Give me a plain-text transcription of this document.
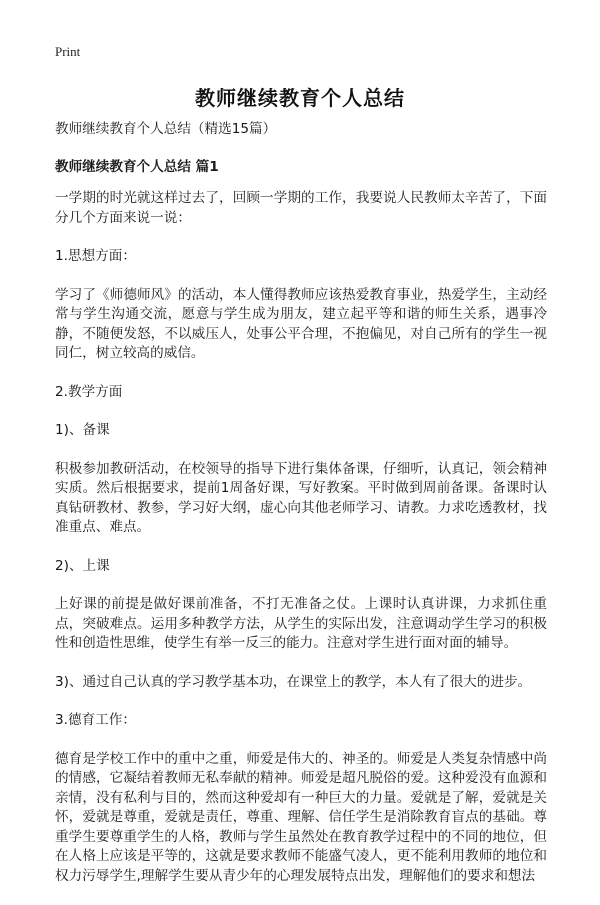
Print
教师继续教育个人总结

教师继续教育个人总结（精选15篇）

教师继续教育个人总结 篇1

一学期的时光就这样过去了，回顾一学期的工作，我要说人民教师太辛苦了，下面分几个方面来说一说：

1.思想方面：

学习了《师德师风》的活动，本人懂得教师应该热爱教育事业，热爱学生，主动经常与学生沟通交流，愿意与学生成为朋友，建立起平等和谐的师生关系，遇事冷静，不随便发怒，不以威压人，处事公平合理，不抱偏见，对自己所有的学生一视同仁，树立较高的威信。

2.教学方面

1)、备课

积极参加教研活动，在校领导的指导下进行集体备课，仔细听，认真记，领会精神实质。然后根据要求，提前1周备好课，写好教案。平时做到周前备课。备课时认真钻研教材、教参，学习好大纲，虚心向其他老师学习、请教。力求吃透教材，找准重点、难点。

2)、上课

上好课的前提是做好课前准备，不打无准备之仗。上课时认真讲课，力求抓住重点，突破难点。运用多种教学方法，从学生的实际出发，注意调动学生学习的积极性和创造性思维，使学生有举一反三的能力。注意对学生进行面对面的辅导。

3)、通过自己认真的学习教学基本功，在课堂上的教学，本人有了很大的进步。

3.德育工作：

德育是学校工作中的重中之重，师爱是伟大的、神圣的。师爱是人类复杂情感中尚的情感，它凝结着教师无私奉献的精神。师爱是超凡脱俗的爱。这种爱没有血源和亲情，没有私利与目的，然而这种爱却有一种巨大的力量。爱就是了解，爱就是关怀，爱就是尊重，爱就是责任，尊重、理解、信任学生是消除教育盲点的基础。尊重学生要尊重学生的人格，教师与学生虽然处在教育教学过程中的不同的地位，但在人格上应该是平等的，这就是要求教师不能盛气凌人，更不能利用教师的地位和权力污辱学生,理解学生要从青少年的心理发展特点出发，理解他们的要求和想法
